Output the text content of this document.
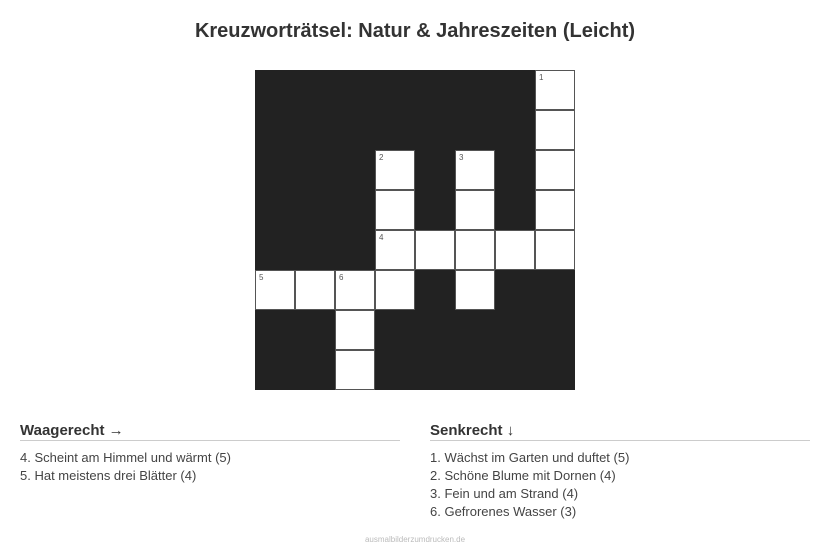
Kreuzworträtsel: Natur & Jahreszeiten (Leicht)
1
2	3
4
5	6
Waagerecht →
4. Scheint am Himmel und wärmt (5)
5. Hat meistens drei Blätter (4)
Senkrecht ↓
1. Wächst im Garten und duftet (5)
2. Schöne Blume mit Dornen (4)
3. Fein und am Strand (4)
6. Gefrorenes Wasser (3)
ausmalbilderzumdrucken.de
